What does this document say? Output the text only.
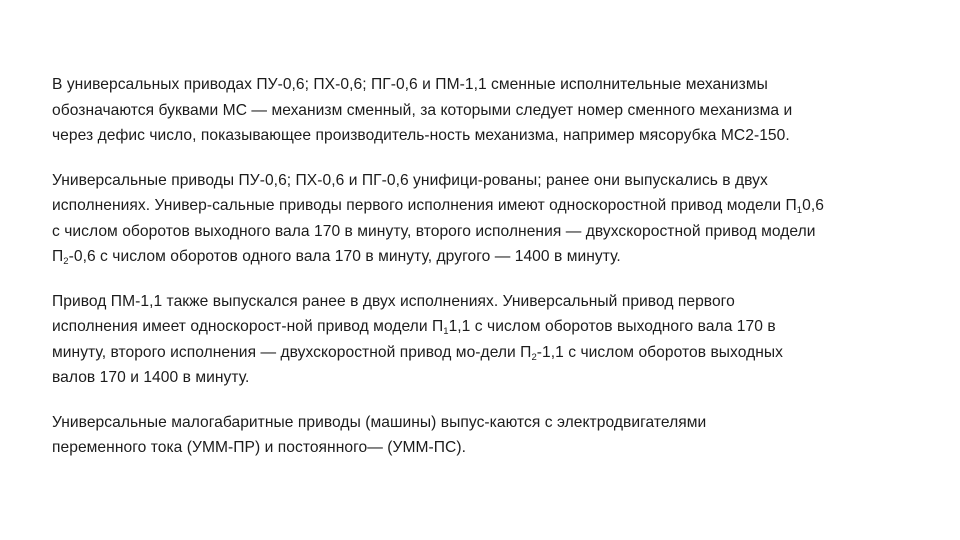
В универсальных приводах ПУ-0,6; ПХ-0,6; ПГ-0,6 и ПМ-1,1 сменные исполнительные механизмы
обозначаются буквами МС — механизм сменный, за которыми следует номер сменного механизма и
через дефис число, показывающее производитель-ность механизма, например мясорубка МС2-150.

Универсальные приводы ПУ-0,6; ПХ-0,6 и ПГ-0,6 унифици-рованы; ранее они выпускались в двух
исполнениях. Универ-сальные приводы первого исполнения имеют односкоростной привод модели $П_10,6$
с числом оборотов выходного вала 170 в минуту, второго исполнения — двухскоростной привод модели
$П_2-0,6$ с числом оборотов одного вала 170 в минуту, другого — 1400 в минуту.

Привод ПМ-1,1 также выпускался ранее в двух исполнениях. Универсальный привод первого
исполнения имеет односкорост-ной привод модели $П_11,1$ с числом оборотов выходного вала 170 в
минуту, второго исполнения — двухскоростной привод мо-дели $П_2-1,1$ с числом оборотов выходных
валов 170 и 1400 в минуту.

Универсальные малогабаритные приводы (машины) выпус-каются с электродвигателями
переменного тока (УММ-ПР) и постоянного— (УММ-ПС).
